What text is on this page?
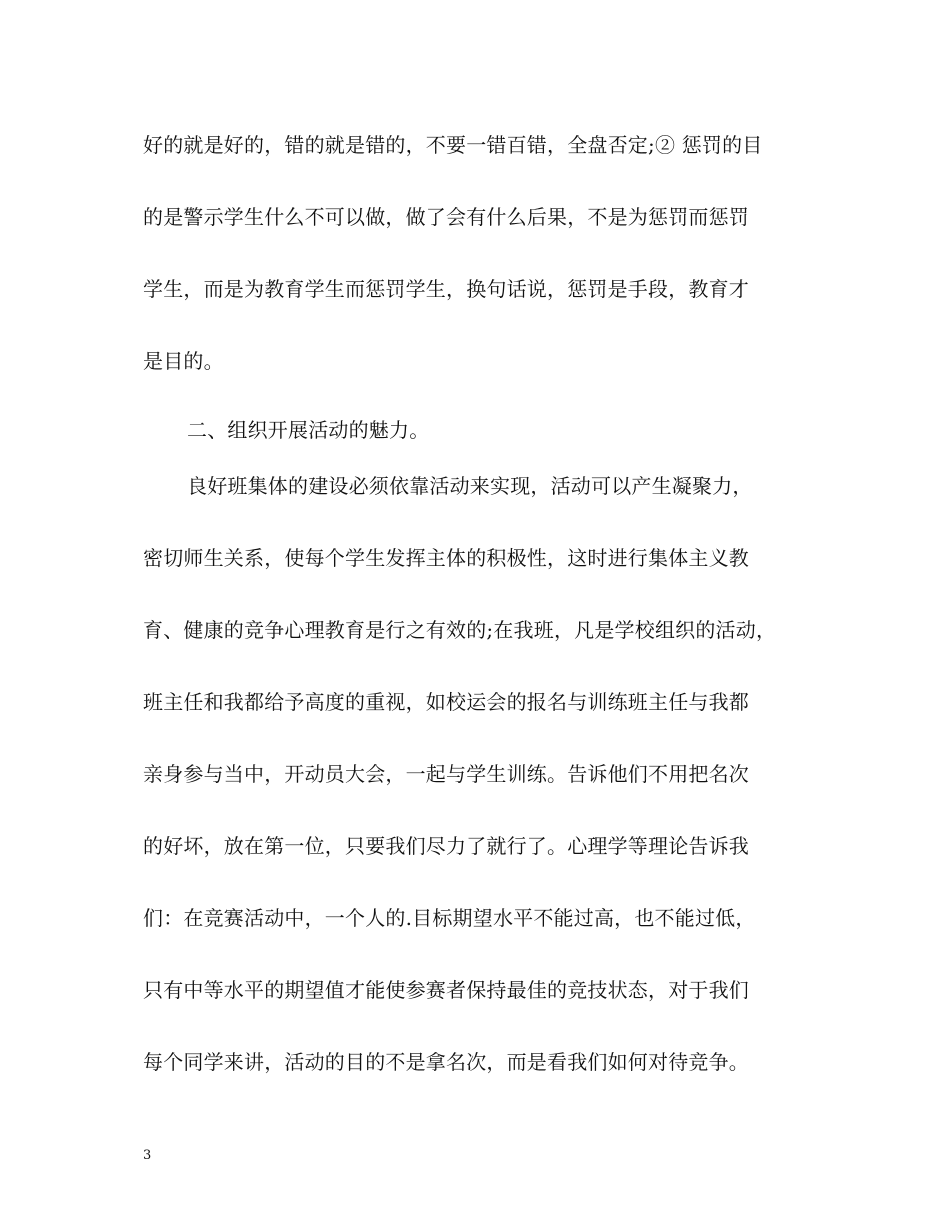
好的就是好的，错的就是错的，不要一错百错，全盘否定;② 惩罚的目
的是警示学生什么不可以做，做了会有什么后果，不是为惩罚而惩罚
学生，而是为教育学生而惩罚学生，换句话说，惩罚是手段，教育才
是目的。
二、组织开展活动的魅力。
良好班集体的建设必须依靠活动来实现，活动可以产生凝聚力，
密切师生关系，使每个学生发挥主体的积极性，这时进行集体主义教
育、健康的竞争心理教育是行之有效的;在我班，凡是学校组织的活动，
班主任和我都给予高度的重视，如校运会的报名与训练班主任与我都
亲身参与当中，开动员大会，一起与学生训练。告诉他们不用把名次
的好坏，放在第一位，只要我们尽力了就行了。心理学等理论告诉我
们：在竞赛活动中，一个人的.目标期望水平不能过高，也不能过低，
只有中等水平的期望值才能使参赛者保持最佳的竞技状态，对于我们
每个同学来讲，活动的目的不是拿名次，而是看我们如何对待竞争。
3
